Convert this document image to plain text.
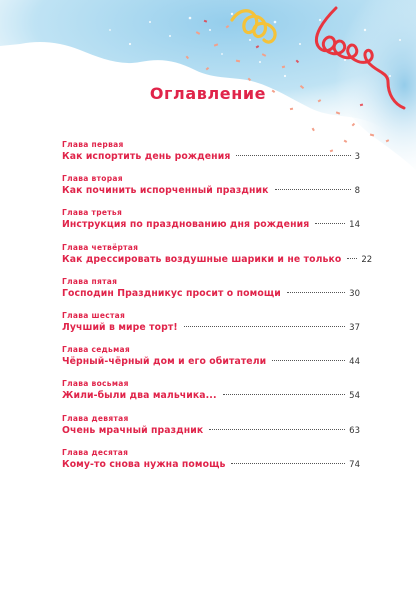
Оглавление
Глава первая
Как испортить день рождения	3
Глава вторая
Как починить испорченный праздник	8
Глава третья
Инструкция по празднованию дня рождения	14
Глава четвёртая
Как дрессировать воздушные шарики и не только 22
Глава пятая
Господин Праздникус просит о помощи	30
Глава шестая
Лучший в мире торт!	37
Глава седьмая
Чёрный-чёрный дом и его обитатели	44
Глава восьмая
Жили-были два мальчика...	54
Глава девятая
Очень мрачный праздник	63
Глава десятая
Кому-то снова нужна помощь	74
